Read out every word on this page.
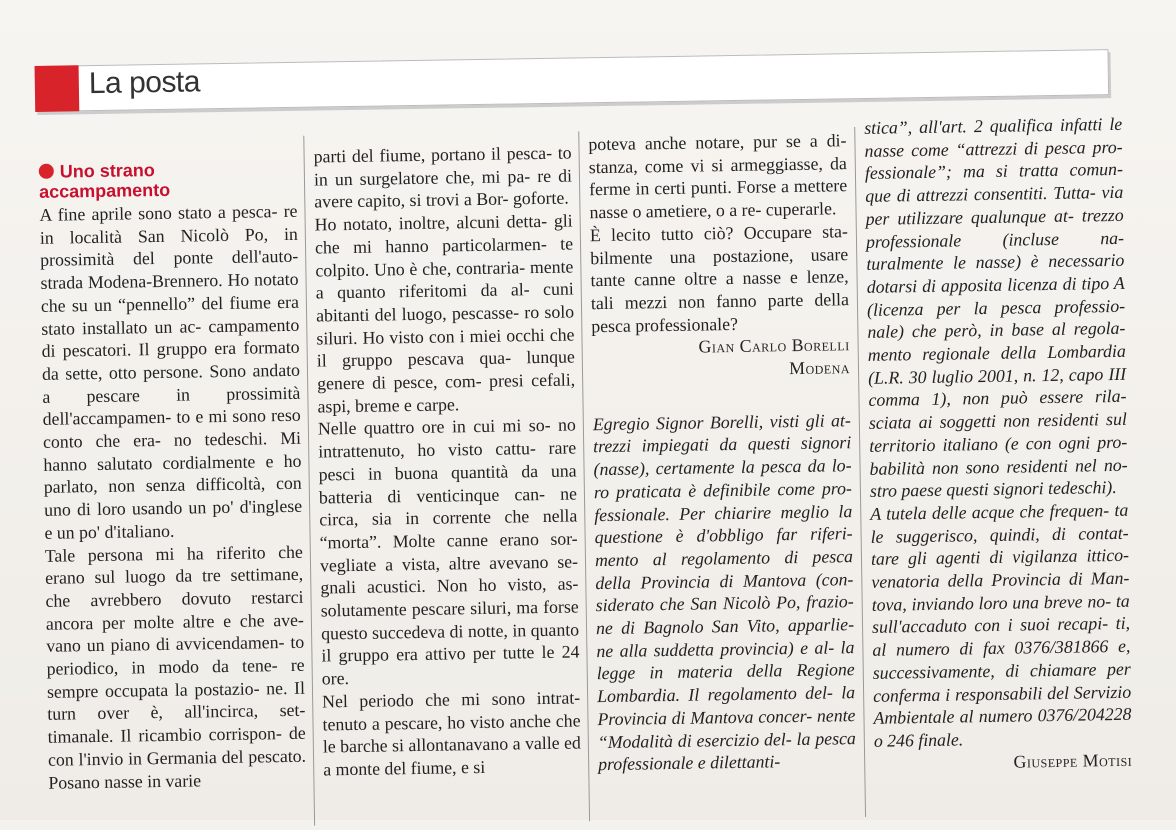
La posta
Uno strano
accampamento

A fine aprile sono stato a pesca- re in località San Nicolò Po, in prossimità del ponte dell'auto- strada Modena-Brennero. Ho notato che su un “pennello” del fiume era stato installato un ac- campamento di pescatori. Il gruppo era formato da sette, otto persone. Sono andato a pescare in prossimità dell'accampamen- to e mi sono reso conto che era- no tedeschi. Mi hanno salutato cordialmente e ho parlato, non senza difficoltà, con uno di loro usando un po' d'inglese e un po' d'italiano.

Tale persona mi ha riferito che erano sul luogo da tre settimane, che avrebbero dovuto restarci ancora per molte altre e che ave- vano un piano di avvicendamen- to periodico, in modo da tene- re sempre occupata la postazio- ne. Il turn over è, all'incirca, set- timanale. Il ricambio corrispon- de con l'invio in Germania del pescato. Posano nasse in varie

parti del fiume, portano il pesca- to in un surgelatore che, mi pa- re di avere capito, si trovi a Bor- goforte.

Ho notato, inoltre, alcuni detta- gli che mi hanno particolarmen- te colpito. Uno è che, contraria- mente a quanto riferitomi da al- cuni abitanti del luogo, pescasse- ro solo siluri. Ho visto con i miei occhi che il gruppo pescava qua- lunque genere di pesce, com- presi cefali, aspi, breme e carpe.

Nelle quattro ore in cui mi so- no intrattenuto, ho visto cattu- rare pesci in buona quantità da una batteria di venticinque can- ne circa, sia in corrente che nella “morta”. Molte canne erano sor- vegliate a vista, altre avevano se- gnali acustici. Non ho visto, as- solutamente pescare siluri, ma forse questo succedeva di notte, in quanto il gruppo era attivo per tutte le 24 ore.

Nel periodo che mi sono intrat- tenuto a pescare, ho visto anche che le barche si allontanavano a valle ed a monte del fiume, e si

poteva anche notare, pur se a di- stanza, come vi si armeggiasse, da ferme in certi punti. Forse a mettere nasse o ametiere, o a re- cuperarle.

È lecito tutto ciò? Occupare sta- bilmente una postazione, usare tante canne oltre a nasse e lenze, tali mezzi non fanno parte della pesca professionale?

Gian Carlo Borelli
Modena

Egregio Signor Borelli, visti gli at- trezzi impiegati da questi signori (nasse), certamente la pesca da lo- ro praticata è definibile come pro- fessionale. Per chiarire meglio la questione è d'obbligo far riferi- mento al regolamento di pesca della Provincia di Mantova (con- siderato che San Nicolò Po, frazio- ne di Bagnolo San Vito, apparlie- ne alla suddetta provincia) e al- la legge in materia della Regione Lombardia. Il regolamento del- la Provincia di Mantova concer- nente “Modalità di esercizio del- la pesca professionale e dilettanti-

stica”, all'art. 2 qualifica infatti le nasse come “attrezzi di pesca pro- fessionale”; ma si tratta comun- que di attrezzi consentiti. Tutta- via per utilizzare qualunque at- trezzo professionale (incluse na- turalmente le nasse) è necessario dotarsi di apposita licenza di tipo A (licenza per la pesca professio- nale) che però, in base al regola- mento regionale della Lombardia (L.R. 30 luglio 2001, n. 12, capo III comma 1), non può essere rila- sciata ai soggetti non residenti sul territorio italiano (e con ogni pro- babilità non sono residenti nel no- stro paese questi signori tedeschi).

A tutela delle acque che frequen- ta le suggerisco, quindi, di contat- tare gli agenti di vigilanza ittico- venatoria della Provincia di Man- tova, inviando loro una breve no- ta sull'accaduto con i suoi recapi- ti, al numero di fax 0376/381866 e, successivamente, di chiamare per conferma i responsabili del Servizio Ambientale al numero 0376/204228 o 246 finale.

Giuseppe Motisi
